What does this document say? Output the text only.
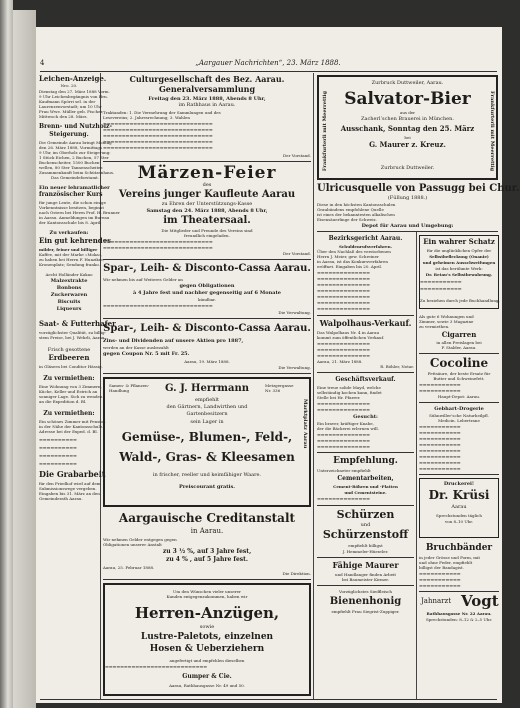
4	„Aargauer Nachrichten“, 23. März 1888.
Leichen-Anzeige.
Nro. 20.
Dienstag den 27. März 1888 Vorm.
9 Uhr Leichenbegängnis von Hrn.
Kaufmann Spörri sel. in der
Laurenzenvorstadt; um 10 Uhr
Frau Wwe. Müller geb. Fischer,
Mittwoch den 28. März.
Brenn- und Nutzholz-
Steigerung.
Die Gemeinde Aarau bringt Montag
den 26. März 1888, Vormittags
9 Uhr, im Oberholz zur Steigerung:
1 Stück Eichen, 2 Buchen, 57 Ster
Buchenscheiter, 1500 Buchen-
wellen, 80 Ster Tannenscheiter.
Zusammenkunft beim Schützenhaus.
Das Gemeindeforstamt.
Ein neuer lehramatlicher
französischer Kurs
für junge Leute, die schon einige
Vorkenntnisse besitzen, beginnt
nach Ostern bei Herrn Prof. H. Brunner
in Aarau. Anmeldungen im Bureau
der Kantonsschule bis 8. April.
Zu verkaufen:
Ein gut kehrendes
milder, feiner und billiger
Kaffee, mit der Marke «Moka»,
zu haben bei Herrn F. Hunziker,
Kronenplatz; Sendung franko.
Aecht Holländer Kakao
Malzextrakte
Bonbons
Zuckerwaren
Biscuits
Liqueurs
Saat- & Futterhafer
vorzüglichster Qualität, zu billig-
stem Preise, bei J. Wehrli, Aarau.
Frisch gesottene
Erdbeeren
in Gläsern bei Conditor Hässig.
Zu vermiethen:
Eine Wohnung von 3 Zimmern,
Küche, Keller und Estrich an
sonniger Lage. Sich zu wenden
an die Expedition d. Bl.
Zu vermiethen:
Ein schönes Zimmer mit Pension
in der Nähe der Kantonsschule.
Adresse bei der Exped. d. Bl.
▬▬▬▬▬▬▬▬▬▬
▬▬▬▬▬▬▬▬▬▬
▬▬▬▬▬▬▬▬▬▬
▬▬▬▬▬▬▬▬▬▬
Die Grabarbeit
für den Friedhof wird auf dem
Submissionswege vergeben.
Eingaben bis 31. März an den
Gemeinderath Aarau.
Culturgesellschaft des Bez. Aarau.
Generalversammlung
Freitag den 23. März 1888, Abends 8 Uhr,
im Rathhaus in Aarau.
Traktanden: 1. Die Vermehrung der Sammlungen und des
Lesevereins; 2. Jahresrechnung; 3. Wahlen
▬▬▬▬▬▬▬▬▬▬▬▬▬▬▬▬▬▬▬▬▬▬▬▬▬▬▬▬▬
▬▬▬▬▬▬▬▬▬▬▬▬▬▬▬▬▬▬▬▬▬▬▬▬▬▬▬▬▬
▬▬▬▬▬▬▬▬▬▬▬▬▬▬▬▬▬▬▬▬▬▬▬▬▬▬▬▬▬
▬▬▬▬▬▬▬▬▬▬▬▬▬▬▬▬▬▬▬▬▬▬▬▬▬▬▬▬▬
▬▬▬▬▬▬▬▬▬▬▬▬▬▬▬▬▬▬▬▬▬▬▬▬▬▬▬▬▬
Der Vorstand.
Märzen-Feier
des
Vereins junger Kaufleute Aarau
zu Ehren der Unterstützungs-Kasse
Samstag den 24. März 1888, Abends 8 Uhr,
im Theatersaal.
Die Mitglieder und Freunde des Vereins sind
freundlich eingeladen.
▬▬▬▬▬▬▬▬▬▬▬▬▬▬▬▬▬▬▬▬▬▬▬▬▬▬▬▬▬
▬▬▬▬▬▬▬▬▬▬▬▬▬▬▬▬▬▬▬▬▬▬▬▬▬▬▬▬▬
Der Vorstand.
Spar-, Leih- & Disconto-Cassa Aarau.
Wir nehmen bis auf Weiteres Gelder an
gegen Obligationen
à 4 Jahre fest und nachher gegenseitig auf 6 Monate
kündbar.
▬▬▬▬▬▬▬▬▬▬▬▬▬▬▬▬▬▬▬▬▬▬▬▬▬▬▬▬▬
Die Verwaltung.
Spar-, Leih- & Disconto-Cassa Aarau.
Zins- und Dividenden auf unsere Aktien pro 1887,
werden an der Kasse ausbezahlt
gegen Coupon Nr. 5 mit Fr. 25.
Aarau, 19. März 1888.
Die Verwaltung.
Samen- & Pflanzen-
Handlung	G. J. Herrmann	Metzgergasse
Nr. 336
empfiehlt
den Gärtnern, Landwirthen und
Gartenbesitzern
sein Lager in
Gemüse-, Blumen-, Feld-,
Wald-, Gras- & Kleesamen
in frischer, reeller und keimfähiger Waare.
Preiscourant gratis.
Marktplatz Aarau
Aargauische Creditanstalt
in Aarau.
Wir nehmen Gelder entgegen gegen
Obligationen unserer Anstalt
zu 3 ½ %, auf 3 Jahre fest,
zu 4 % , auf 5 Jahre fest.
Aarau, 25. Februar 1888.
Die Direktion.
Um den Wünschen vieler unserer
Kunden entgegenzukommen, haben wir
Herren-Anzügen,
sowie
Lustre-Paletots, einzelnen
Hosen & Ueberziehern
angefertigt und empfehlen dieselben
▬▬▬▬▬▬▬▬▬▬▬▬▬▬▬▬▬▬▬▬▬▬▬▬▬▬▬
Gumper & Cie.
Aarau, Rathhausgasse Nr. 49 und 50.
Zurbruck Duttweiler, Aarau.
Salvator-Bier
aus der
Zacherl’schen Brauerei in München.
Ausschank, Sonntag den 25. März
bei
G. Maurer z. Kreuz.
Zurbruck Duttweiler.
Frankfurterli mit Meerrettig	Frankfurterli mit Meerrettig
Ulricusquelle von Passugg bei Chur.
(Füllung 1888.)
Diese in den höchsten Kantonsschulen
Graubündens empfohlene Quelle
ist eines der bekanntesten alkalischen
Eisensäuerlinge der Schweiz.
Depot für Aarau und Umgebung:
Bezirksgericht Aarau.
Schuldenrufsverfahren.
Über den Nachlaß des verstorbenen
Herrn J. Meier, gew. Schreiner
in Aarau, ist das Konkursverfahren
eröffnet. Eingaben bis 20. April.
▬▬▬▬▬▬▬▬▬▬▬▬▬▬
▬▬▬▬▬▬▬▬▬▬▬▬▬▬
▬▬▬▬▬▬▬▬▬▬▬▬▬▬
▬▬▬▬▬▬▬▬▬▬▬▬▬▬
▬▬▬▬▬▬▬▬▬▬▬▬▬▬
▬▬▬▬▬▬▬▬▬▬▬▬▬▬
▬▬▬▬▬▬▬▬▬▬▬▬▬▬
Walpolhaus-Verkauf.
Das Walpolhaus Nr. 4 in Aarau
kommt zum öffentlichen Verkauf.
▬▬▬▬▬▬▬▬▬▬▬▬▬▬
▬▬▬▬▬▬▬▬▬▬▬▬▬▬
▬▬▬▬▬▬▬▬▬▬▬▬▬▬
Aarau, 21. März 1888.
R. Böhler, Notar.
Geschäftsverkauf.
Eine treue solide Mayd, welche
selbständig kochen kann, findet
Stelle bei Hr. Pfarrer.
▬▬▬▬▬▬▬▬▬▬▬▬▬▬
▬▬▬▬▬▬▬▬▬▬▬▬▬▬
Gesucht:
Ein braver, kräftiger Knabe,
der die Bäckerei erlernen will.
▬▬▬▬▬▬▬▬▬▬▬▬▬▬
▬▬▬▬▬▬▬▬▬▬▬▬▬▬
▬▬▬▬▬▬▬▬▬▬▬▬▬▬
Empfehlung.
Unterzeichneter empfiehlt
Cementarbeiten,
Cement-Röhren und -Platten
und Cementsteine.
▬▬▬▬▬▬▬▬▬▬▬▬▬▬
Schürzen
und
Schürzenstoff
empfiehlt billigst
J. Hemmeler-Hürzeler.
Fähige Maurer
und Handlanger finden Arbeit
bei Baumeister Kirmer.
Vorzüglichstes Siedfleisch
Bienenhonig
empfiehlt Frau Siegrist-Zuppiger.
Ein wahrer Schatz
für die unglücklichen Opfer der
Selbstbefleckung (Onanie)
und geheimen Ausschweifungen
ist das berühmte Werk:
Dr. Retau’s Selbstbewahrung.
▬▬▬▬▬▬▬▬▬▬▬
▬▬▬▬▬▬▬▬▬▬▬
Zu beziehen durch jede Buchhandlung.
Als gute 6 Wohnungen und
Zimmer, sowie 3 Magazine
zu vermiethen.
Cigarren
in allen Preislagen bei
F. Stalder, Aarau.
Cocoline
Fettsäure, der beste Ersatz für
Butter und Schweinefett.
▬▬▬▬▬▬▬▬▬▬▬
▬▬▬▬▬▬▬▬▬▬▬
Haupt-Depot: Aarau.
Gebhart-Drogerie
Sühnwiller’sche Naturheilpfl.
Medicin. Lebertrane
▬▬▬▬▬▬▬▬▬▬▬
▬▬▬▬▬▬▬▬▬▬▬
▬▬▬▬▬▬▬▬▬▬▬
▬▬▬▬▬▬▬▬▬▬▬
▬▬▬▬▬▬▬▬▬▬▬
▬▬▬▬▬▬▬▬▬▬▬
▬▬▬▬▬▬▬▬▬▬▬
▬▬▬▬▬▬▬▬▬▬▬
Druckerei!
Dr. Krüsi
Aarau
Sprechstunden täglich
von 8–10 Uhr.
Bruchbänder
in jeder Grösse und Form, mit
und ohne Feder, empfiehlt
billigst der Bandagist.
▬▬▬▬▬▬▬▬▬▬▬
▬▬▬▬▬▬▬▬▬▬▬
▬▬▬▬▬▬▬▬▬▬▬
Jahnarzt Vogt
Rathhausgasse Nr. 22 Aarau.
Sprechstunden: 8–12 & 2–5 Uhr.
